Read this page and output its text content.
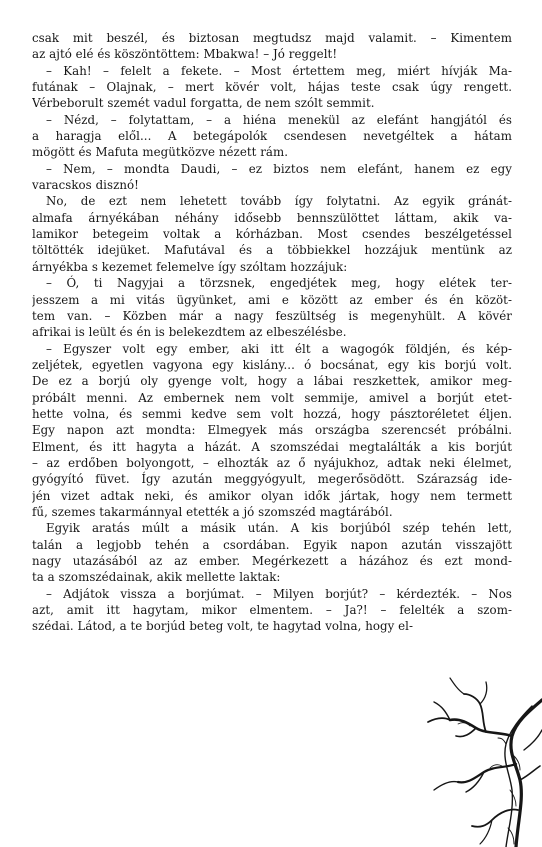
csak mit beszél, és biztosan megtudsz majd valamit. – Kimentem
az ajtó elé és köszöntöttem: Mbakwa! – Jó reggelt!

– Kah! – felelt a fekete. – Most értettem meg, miért hívják Ma-
futának – Olajnak, – mert kövér volt, hájas teste csak úgy rengett.
Vérbeborult szemét vadul forgatta, de nem szólt semmit.

– Nézd, – folytattam, – a hiéna menekül az elefánt hangjától és
a haragja elől... A betegápolók csendesen nevetgéltek a hátam
mögött és Mafuta megütközve nézett rám.

– Nem, – mondta Daudi, – ez biztos nem elefánt, hanem ez egy
varacskos disznó!

No, de ezt nem lehetett tovább így folytatni. Az egyik gránát-
almafa árnyékában néhány idősebb bennszülöttet láttam, akik va-
lamikor betegeim voltak a kórházban. Most csendes beszélgetéssel
töltötték idejüket. Mafutával és a többiekkel hozzájuk mentünk az
árnyékba s kezemet felemelve így szóltam hozzájuk:

– Ó, ti Nagyjai a törzsnek, engedjétek meg, hogy elétek ter-
jesszem a mi vitás ügyünket, ami e között az ember és én közöt-
tem van. – Közben már a nagy feszültség is megenyhült. A kövér
afrikai is leült és én is belekezdtem az elbeszélésbe.

– Egyszer volt egy ember, aki itt élt a wagogók földjén, és kép-
zeljétek, egyetlen vagyona egy kislány... ó bocsánat, egy kis borjú volt.
De ez a borjú oly gyenge volt, hogy a lábai reszkettek, amikor meg-
próbált menni. Az embernek nem volt semmije, amivel a borjút etet-
hette volna, és semmi kedve sem volt hozzá, hogy pásztoréletet éljen.
Egy napon azt mondta: Elmegyek más országba szerencsét próbálni.
Elment, és itt hagyta a házát. A szomszédai megtalálták a kis borjút
– az erdőben bolyongott, – elhozták az ő nyájukhoz, adtak neki élelmet,
gyógyító füvet. Így azután meggyógyult, megerősödött. Szárazság ide-
jén vizet adtak neki, és amikor olyan idők jártak, hogy nem termett
fű, szemes takarmánnyal etették a jó szomszéd magtárából.

Egyik aratás múlt a másik után. A kis borjúból szép tehén lett,
talán a legjobb tehén a csordában. Egyik napon azután visszajött
nagy utazásából az az ember. Megérkezett a házához és ezt mond-
ta a szomszédainak, akik mellette laktak:

– Adjátok vissza a borjúmat. – Milyen borjút? – kérdezték. – Nos
azt, amit itt hagytam, mikor elmentem. – Ja?! – felelték a szom-
szédai. Látod, a te borjúd beteg volt, te hagytad volna, hogy el-
